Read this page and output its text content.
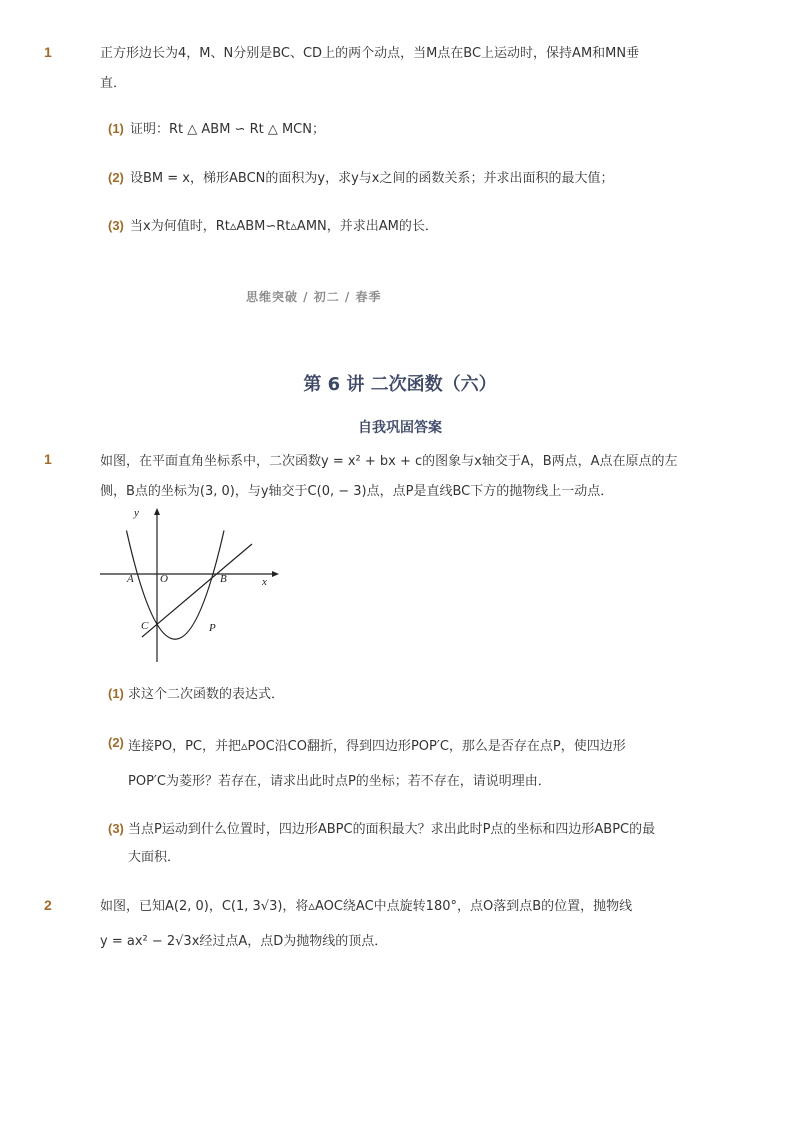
1	正方形边长为4，M、N分别是BC、CD上的两个动点，当M点在BC上运动时，保持AM和MN垂
直．
(1) 证明：Rt △ ABM ∽ Rt △ MCN；
(2) 设BM = x，梯形ABCN的面积为y，求y与x之间的函数关系；并求出面积的最大值；
(3) 当x为何值时，Rt▵ABM∽Rt▵AMN，并求出AM的长．
思维突破 / 初二 / 春季
第 6 讲 二次函数（六）
自我巩固答案
1	如图，在平面直角坐标系中，二次函数y = x² + bx + c的图象与x轴交于A，B两点，A点在原点的左
侧，B点的坐标为(3, 0)，与y轴交于C(0, − 3)点，点P是直线BC下方的抛物线上一动点．
y
x
A O	B
C	P
(1) 求这个二次函数的表达式．
(2) 连接PO，PC，并把▵POC沿CO翻折，得到四边形POP′C，那么是否存在点P，使四边形
POP′C为菱形？若存在，请求出此时点P的坐标；若不存在，请说明理由．
(3) 当点P运动到什么位置时，四边形ABPC的面积最大？求出此时P点的坐标和四边形ABPC的最
大面积．
2	如图，已知A(2, 0)，C(1, 3√3)，将▵AOC绕AC中点旋转180°，点O落到点B的位置，抛物线
y = ax² − 2√3x经过点A，点D为抛物线的顶点．
